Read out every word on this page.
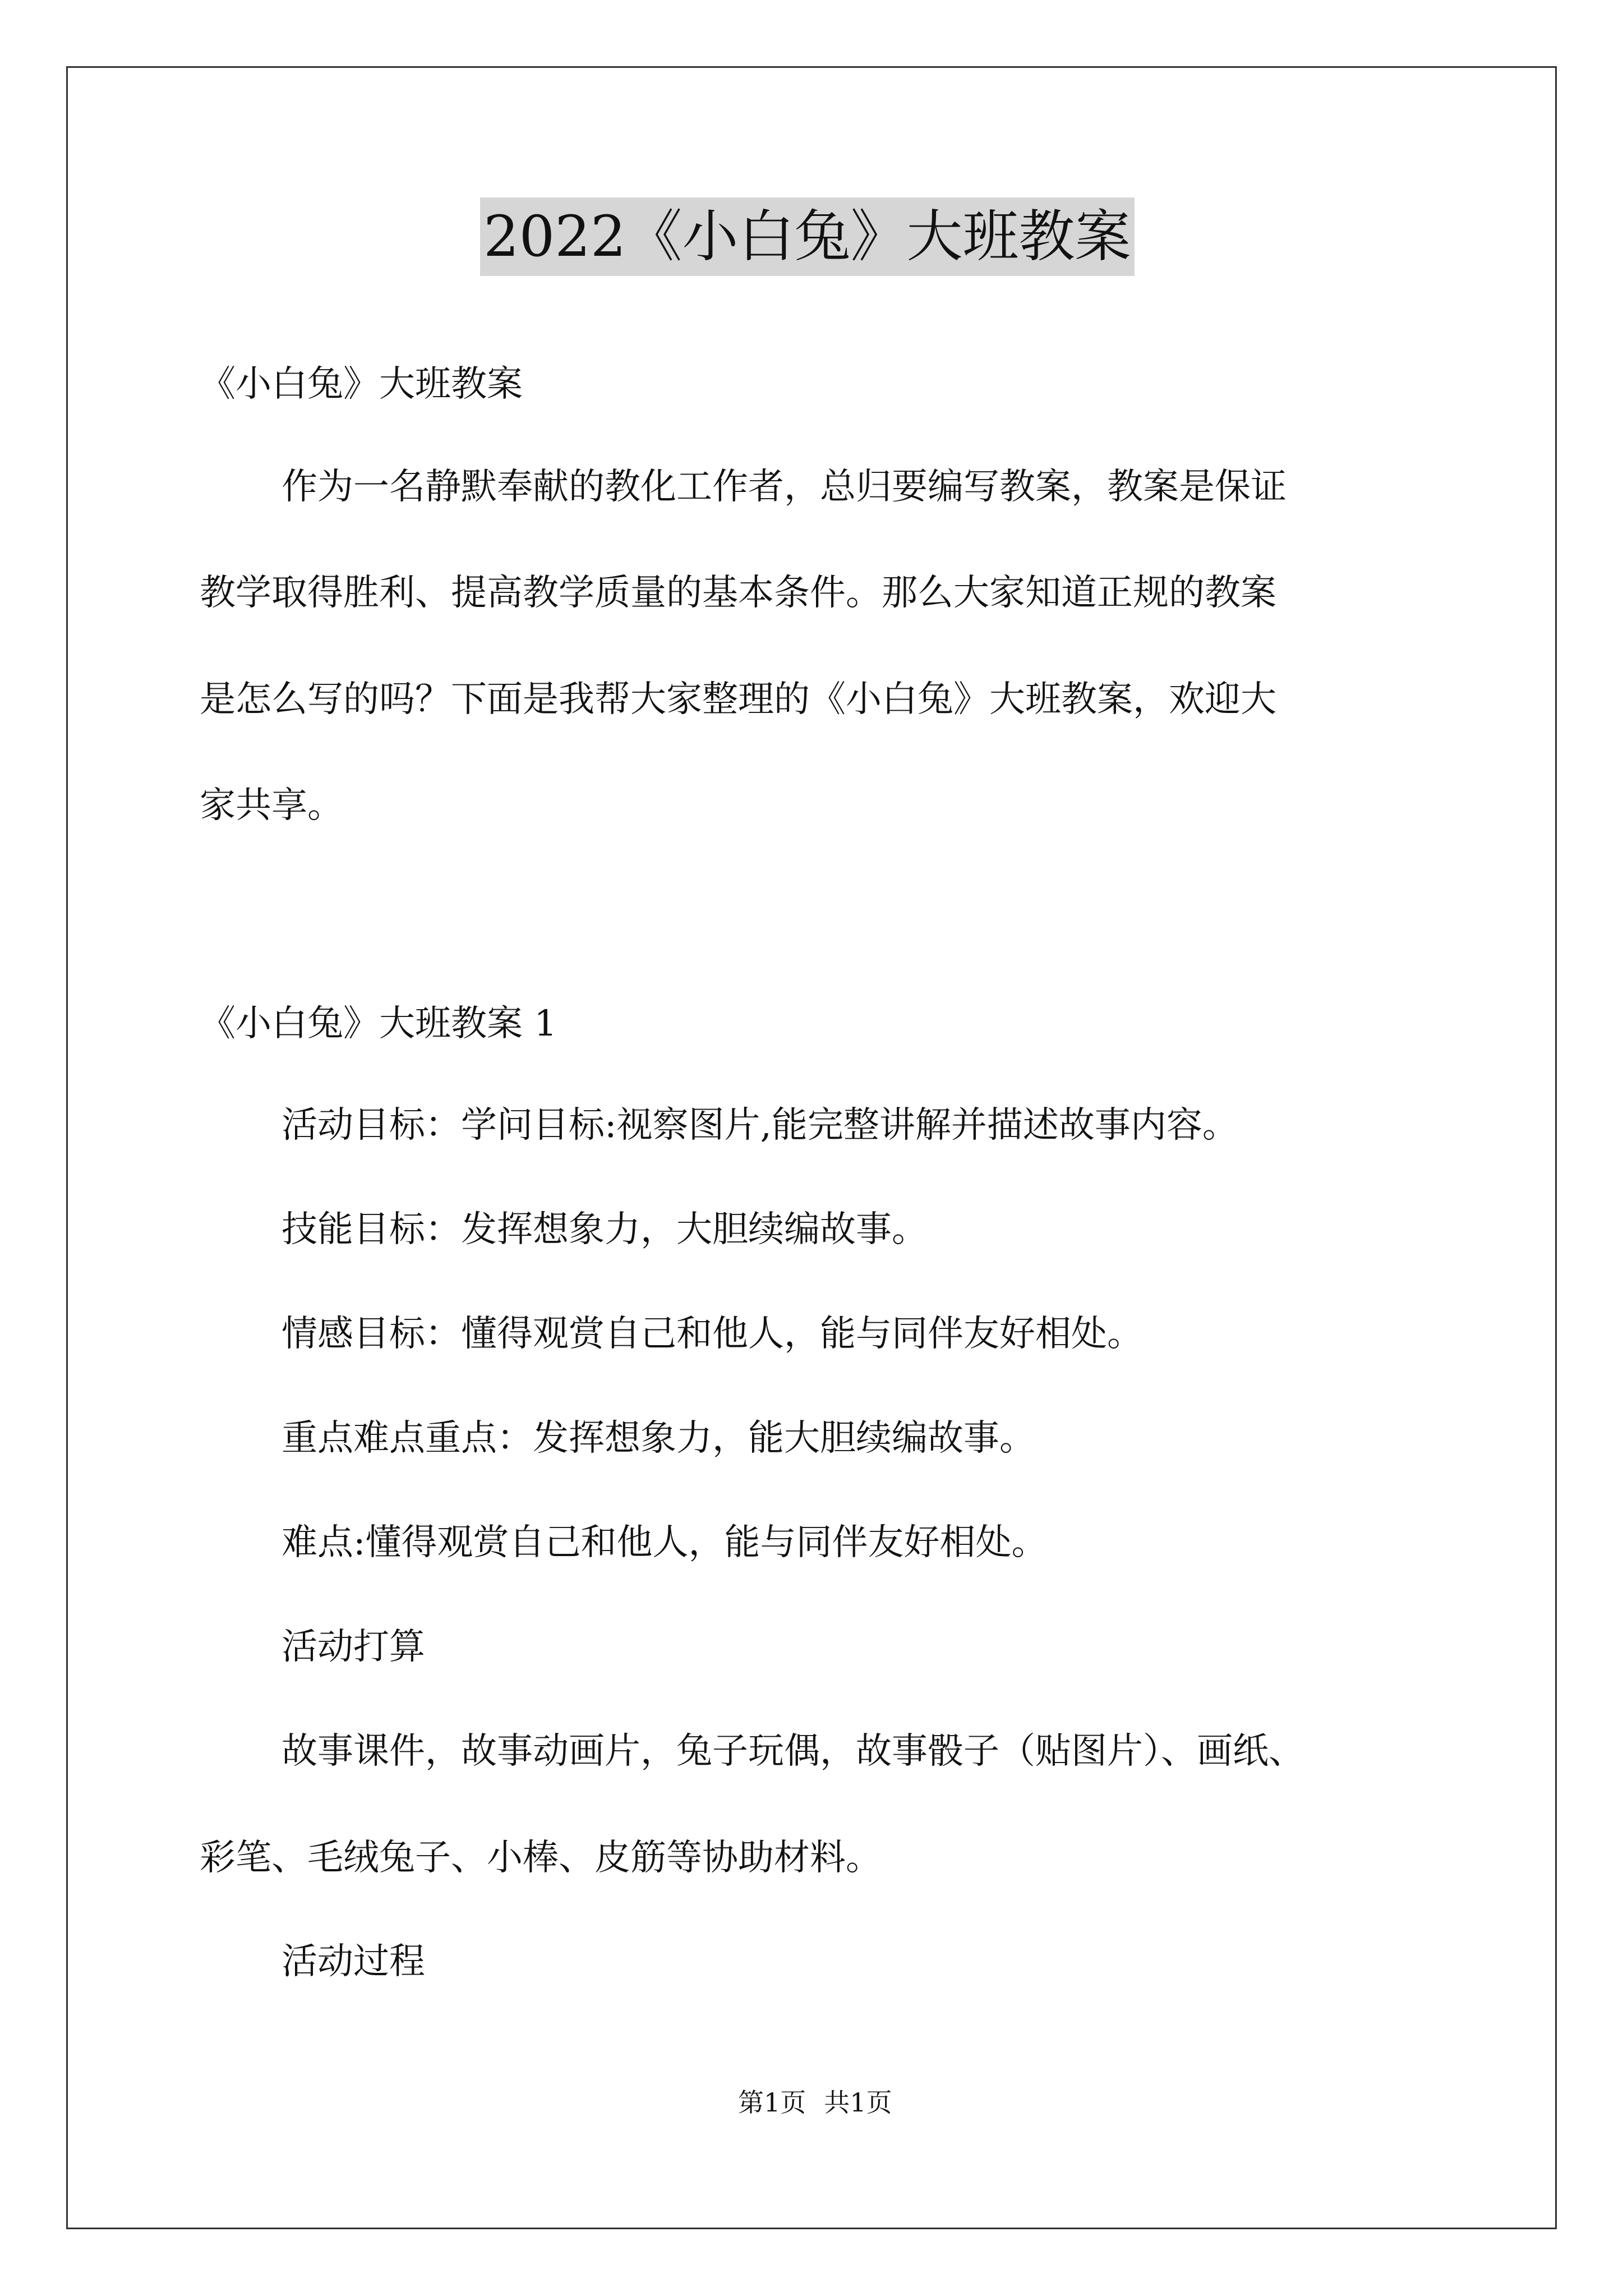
2022《小白兔》大班教案
《小白兔》大班教案
作为一名静默奉献的教化工作者，总归要编写教案，教案是保证
教学取得胜利、提高教学质量的基本条件。那么大家知道正规的教案
是怎么写的吗？下面是我帮大家整理的《小白兔》大班教案，欢迎大
家共享。
《小白兔》大班教案 1
活动目标：学问目标:视察图片,能完整讲解并描述故事内容。
技能目标：发挥想象力，大胆续编故事。
情感目标：懂得观赏自己和他人，能与同伴友好相处。
重点难点重点：发挥想象力，能大胆续编故事。
难点:懂得观赏自己和他人，能与同伴友好相处。
活动打算
故事课件，故事动画片，兔子玩偶，故事骰子（贴图片）、画纸、
彩笔、毛绒兔子、小棒、皮筋等协助材料。
活动过程
第1页 共1页
